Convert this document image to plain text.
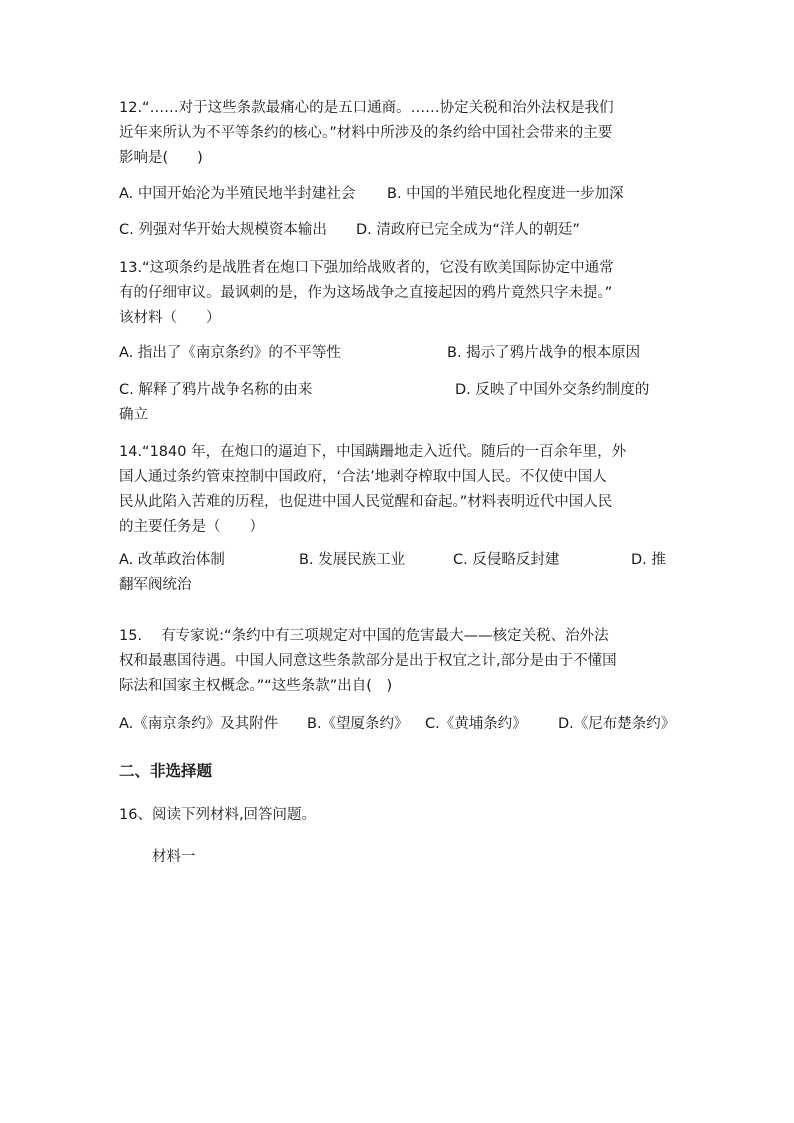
12.“……对于这些条款最痛心的是五口通商。……协定关税和治外法权是我们
近年来所认为不平等条约的核心。”材料中所涉及的条约给中国社会带来的主要
影响是(　　)
A. 中国开始沦为半殖民地半封建社会 B. 中国的半殖民地化程度进一步加深
C. 列强对华开始大规模资本输出 D. 清政府已完全成为“洋人的朝廷”
13.“这项条约是战胜者在炮口下强加给战败者的，它没有欧美国际协定中通常
有的仔细审议。最讽刺的是，作为这场战争之直接起因的鸦片竟然只字未提。”
该材料（　　）
A. 指出了《南京条约》的不平等性	B. 揭示了鸦片战争的根本原因
C. 解释了鸦片战争名称的由来	D. 反映了中国外交条约制度的
确立
14.“1840 年，在炮口的逼迫下，中国蹒跚地走入近代。随后的一百余年里，外
国人通过条约管束控制中国政府，‘合法’地剥夺榨取中国人民。不仅使中国人
民从此陷入苦难的历程，也促进中国人民觉醒和奋起。”材料表明近代中国人民
的主要任务是（　　）
A. 改革政治体制	B. 发展民族工业	C. 反侵略反封建	D. 推
翻军阀统治
15.　 有专家说:“条约中有三项规定对中国的危害最大——核定关税、治外法
权和最惠国待遇。中国人同意这些条款部分是出于权宜之计,部分是由于不懂国
际法和国家主权概念。”“这些条款”出自(　)
A.《南京条约》及其附件 B.《望厦条约》 C.《黄埔条约》 D.《尼布楚条约》
二、非选择题
16、阅读下列材料,回答问题。
材料一
